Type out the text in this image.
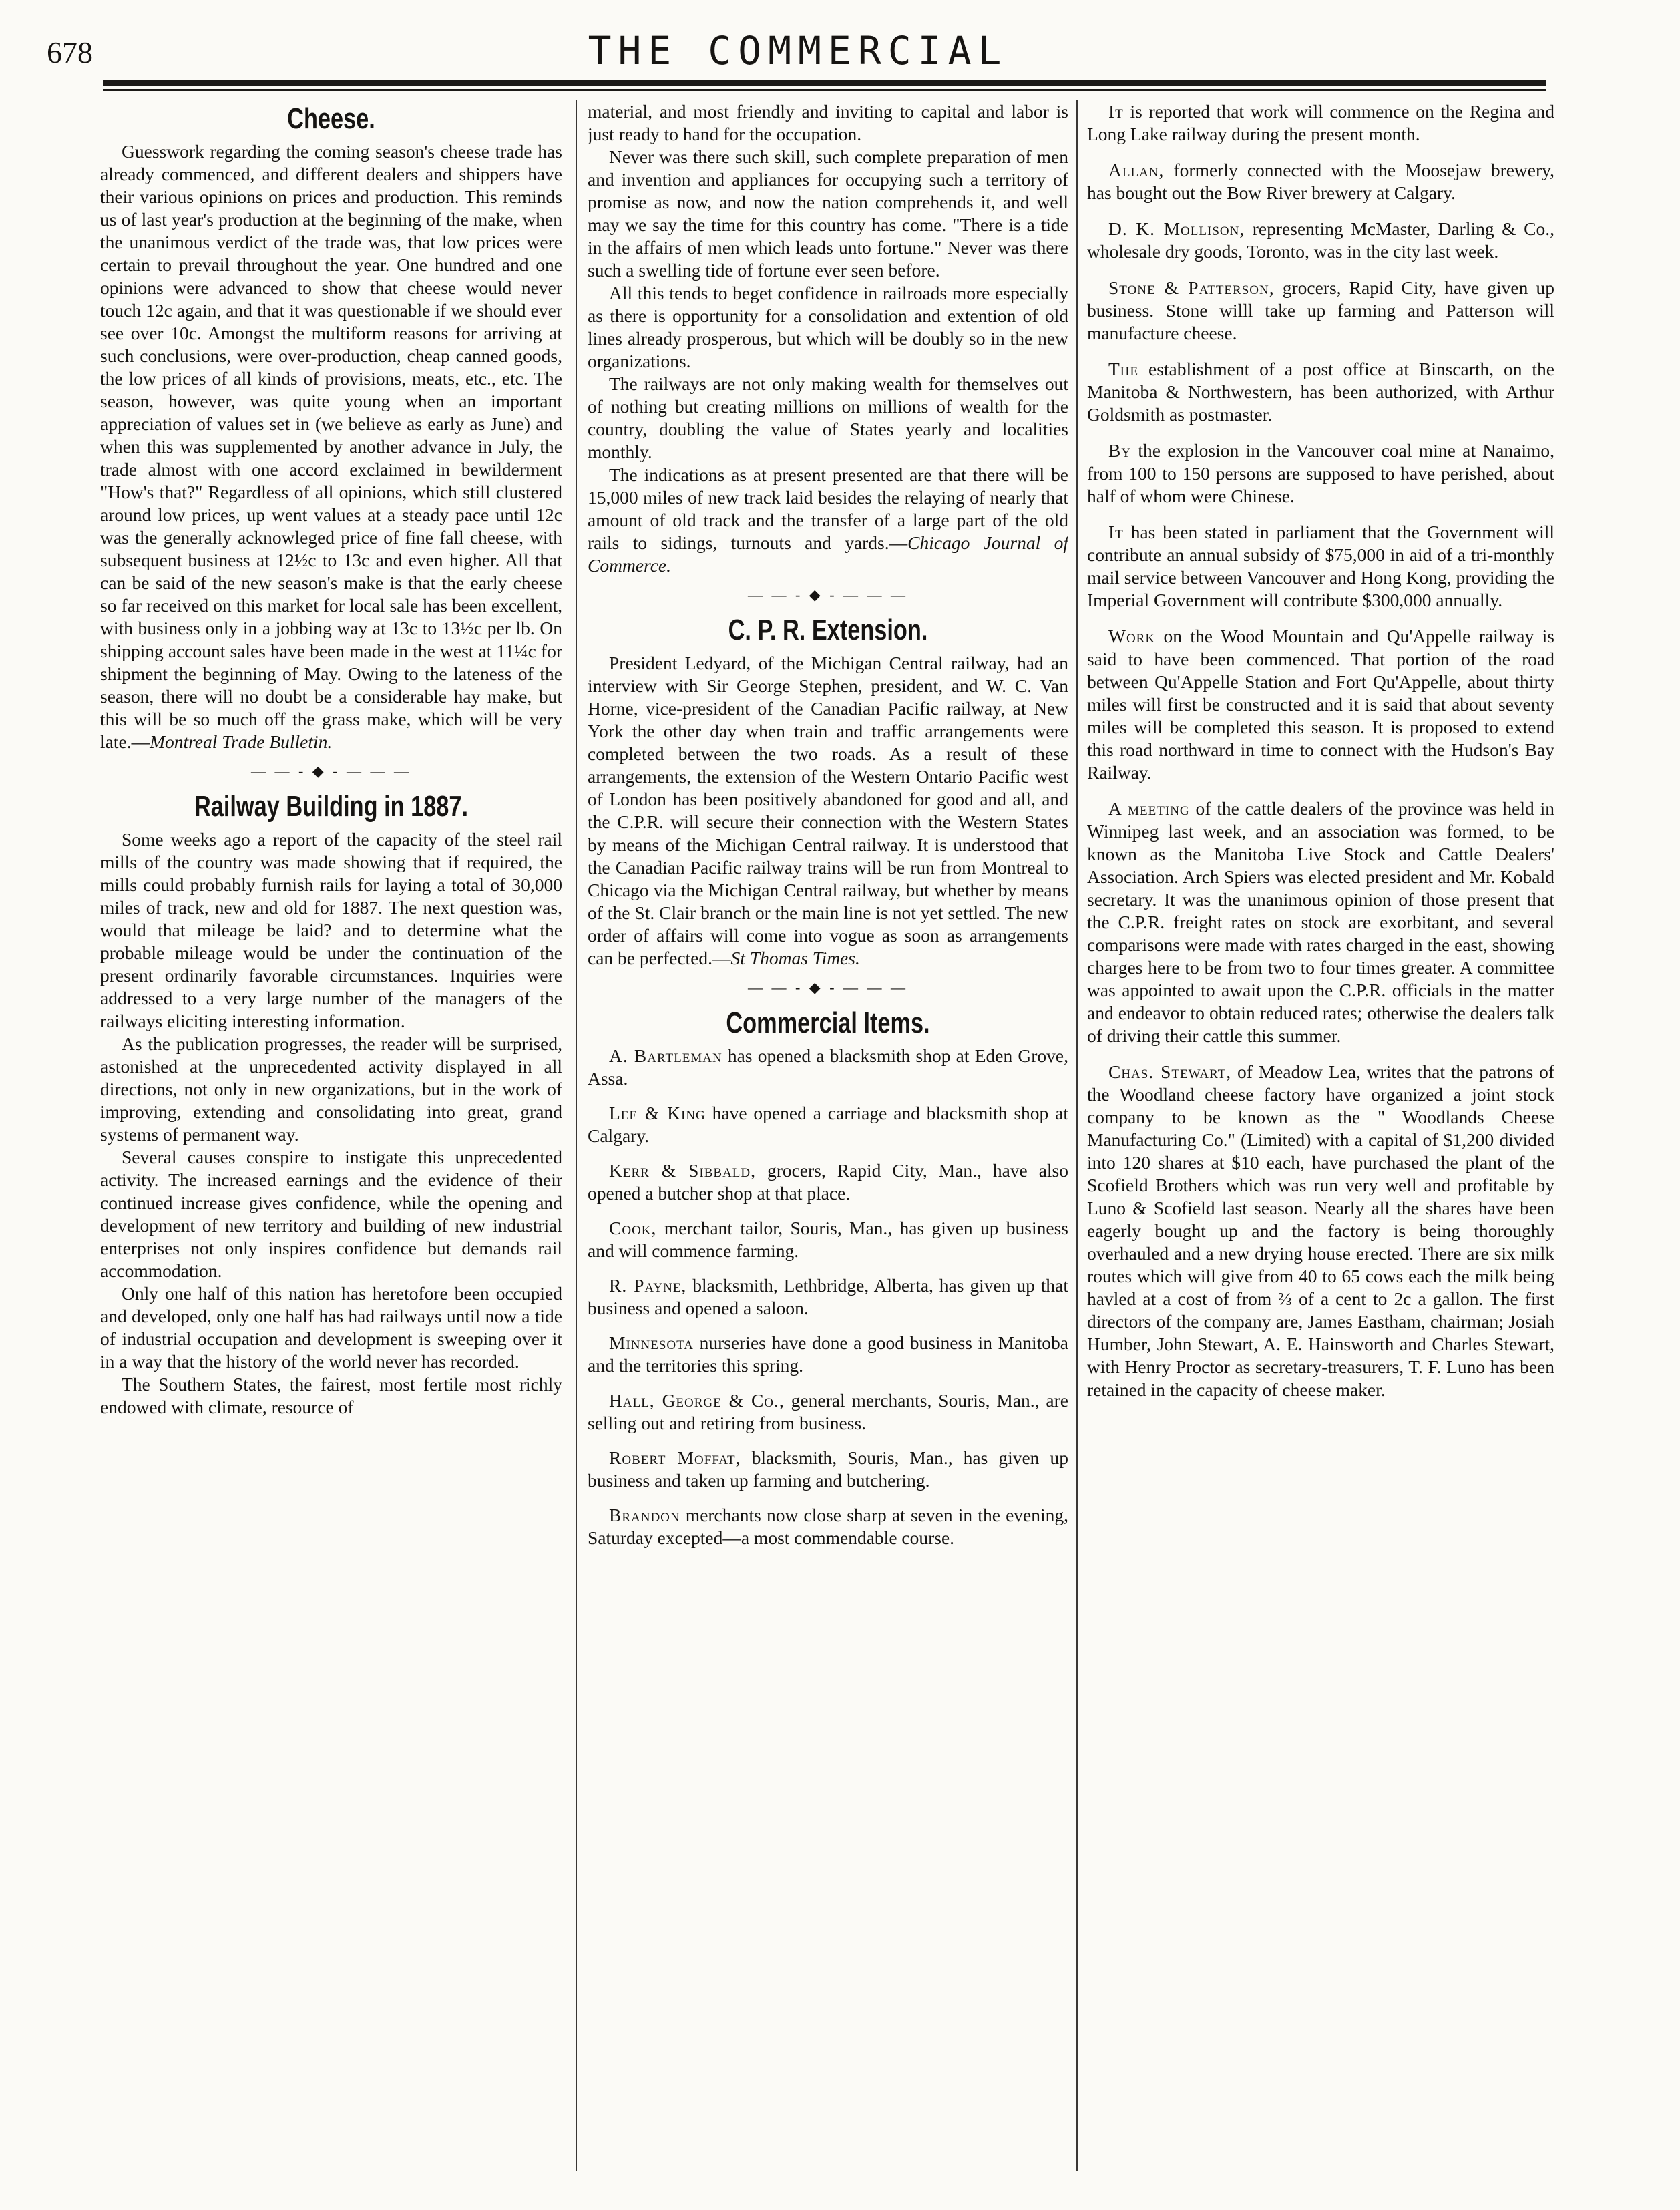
678	THE COMMERCIAL
Cheese.

Guesswork regarding the coming season's cheese trade has already commenced, and different dealers and shippers have their various opinions on prices and production. This reminds us of last year's production at the beginning of the make, when the unanimous verdict of the trade was, that low prices were certain to prevail throughout the year. One hundred and one opinions were advanced to show that cheese would never touch 12c again, and that it was questionable if we should ever see over 10c. Amongst the multiform reasons for arriving at such conclusions, were over-production, cheap canned goods, the low prices of all kinds of provisions, meats, etc., etc. The season, however, was quite young when an important appreciation of values set in (we believe as early as June) and when this was supplemented by another advance in July, the trade almost with one accord exclaimed in bewilderment "How's that?" Regardless of all opinions, which still clustered around low prices, up went values at a steady pace until 12c was the generally acknowleged price of fine fall cheese, with subsequent business at 12½c to 13c and even higher. All that can be said of the new season's make is that the early cheese so far received on this market for local sale has been excellent, with business only in a jobbing way at 13c to 13½c per lb. On shipping account sales have been made in the west at 11¼c for shipment the beginning of May. Owing to the lateness of the season, there will no doubt be a considerable hay make, but this will be so much off the grass make, which will be very late.—Montreal Trade Bulletin.

— — - ◆ - — — —
Railway Building in 1887.

Some weeks ago a report of the capacity of the steel rail mills of the country was made showing that if required, the mills could probably furnish rails for laying a total of 30,000 miles of track, new and old for 1887. The next question was, would that mileage be laid? and to determine what the probable mileage would be under the continuation of the present ordinarily favorable circumstances. Inquiries were addressed to a very large number of the managers of the railways eliciting interesting information.

As the publication progresses, the reader will be surprised, astonished at the unprecedented activity displayed in all directions, not only in new organizations, but in the work of improving, extending and consolidating into great, grand systems of permanent way.

Several causes conspire to instigate this unprecedented activity. The increased earnings and the evidence of their continued increase gives confidence, while the opening and development of new territory and building of new industrial enterprises not only inspires confidence but demands rail accommodation.

Only one half of this nation has heretofore been occupied and developed, only one half has had railways until now a tide of industrial occupation and development is sweeping over it in a way that the history of the world never has recorded.

The Southern States, the fairest, most fertile most richly endowed with climate, resource of

material, and most friendly and inviting to capital and labor is just ready to hand for the occupation.

Never was there such skill, such complete preparation of men and invention and appliances for occupying such a territory of promise as now, and now the nation comprehends it, and well may we say the time for this country has come. "There is a tide in the affairs of men which leads unto fortune." Never was there such a swelling tide of fortune ever seen before.

All this tends to beget confidence in railroads more especially as there is opportunity for a consolidation and extention of old lines already prosperous, but which will be doubly so in the new organizations.

The railways are not only making wealth for themselves out of nothing but creating millions on millions of wealth for the country, doubling the value of States yearly and localities monthly.

The indications as at present presented are that there will be 15,000 miles of new track laid besides the relaying of nearly that amount of old track and the transfer of a large part of the old rails to sidings, turnouts and yards.—Chicago Journal of Commerce.

— — - ◆ - — — —
C. P. R. Extension.

President Ledyard, of the Michigan Central railway, had an interview with Sir George Stephen, president, and W. C. Van Horne, vice-president of the Canadian Pacific railway, at New York the other day when train and traffic arrangements were completed between the two roads. As a result of these arrangements, the extension of the Western Ontario Pacific west of London has been positively abandoned for good and all, and the C.P.R. will secure their connection with the Western States by means of the Michigan Central railway. It is understood that the Canadian Pacific railway trains will be run from Montreal to Chicago via the Michigan Central railway, but whether by means of the St. Clair branch or the main line is not yet settled. The new order of affairs will come into vogue as soon as arrangements can be perfected.—St Thomas Times.

— — - ◆ - — — —
Commercial Items.

A. Bartleman has opened a blacksmith shop at Eden Grove, Assa.

Lee & King have opened a carriage and blacksmith shop at Calgary.

Kerr & Sibbald, grocers, Rapid City, Man., have also opened a butcher shop at that place.

Cook, merchant tailor, Souris, Man., has given up business and will commence farming.

R. Payne, blacksmith, Lethbridge, Alberta, has given up that business and opened a saloon.

Minnesota nurseries have done a good business in Manitoba and the territories this spring.

Hall, George & Co., general merchants, Souris, Man., are selling out and retiring from business.

Robert Moffat, blacksmith, Souris, Man., has given up business and taken up farming and butchering.

Brandon merchants now close sharp at seven in the evening, Saturday excepted—a most commendable course.

It is reported that work will commence on the Regina and Long Lake railway during the present month.

Allan, formerly connected with the Moosejaw brewery, has bought out the Bow River brewery at Calgary.

D. K. Mollison, representing McMaster, Darling & Co., wholesale dry goods, Toronto, was in the city last week.

Stone & Patterson, grocers, Rapid City, have given up business. Stone willl take up farming and Patterson will manufacture cheese.

The establishment of a post office at Binscarth, on the Manitoba & Northwestern, has been authorized, with Arthur Goldsmith as postmaster.

By the explosion in the Vancouver coal mine at Nanaimo, from 100 to 150 persons are supposed to have perished, about half of whom were Chinese.

It has been stated in parliament that the Government will contribute an annual subsidy of $75,000 in aid of a tri-monthly mail service between Vancouver and Hong Kong, providing the Imperial Government will contribute $300,000 annually.

Work on the Wood Mountain and Qu'Appelle railway is said to have been commenced. That portion of the road between Qu'Appelle Station and Fort Qu'Appelle, about thirty miles will first be constructed and it is said that about seventy miles will be completed this season. It is proposed to extend this road northward in time to connect with the Hudson's Bay Railway.

A meeting of the cattle dealers of the province was held in Winnipeg last week, and an association was formed, to be known as the Manitoba Live Stock and Cattle Dealers' Association. Arch Spiers was elected president and Mr. Kobald secretary. It was the unanimous opinion of those present that the C.P.R. freight rates on stock are exorbitant, and several comparisons were made with rates charged in the east, showing charges here to be from two to four times greater. A committee was appointed to await upon the C.P.R. officials in the matter and endeavor to obtain reduced rates; otherwise the dealers talk of driving their cattle this summer.

Chas. Stewart, of Meadow Lea, writes that the patrons of the Woodland cheese factory have organized a joint stock company to be known as the " Woodlands Cheese Manufacturing Co." (Limited) with a capital of $1,200 divided into 120 shares at $10 each, have purchased the plant of the Scofield Brothers which was run very well and profitable by Luno & Scofield last season. Nearly all the shares have been eagerly bought up and the factory is being thoroughly overhauled and a new drying house erected. There are six milk routes which will give from 40 to 65 cows each the milk being havled at a cost of from ⅔ of a cent to 2c a gallon. The first directors of the company are, James Eastham, chairman; Josiah Humber, John Stewart, A. E. Hainsworth and Charles Stewart, with Henry Proctor as secretary-treasurers, T. F. Luno has been retained in the capacity of cheese maker.
